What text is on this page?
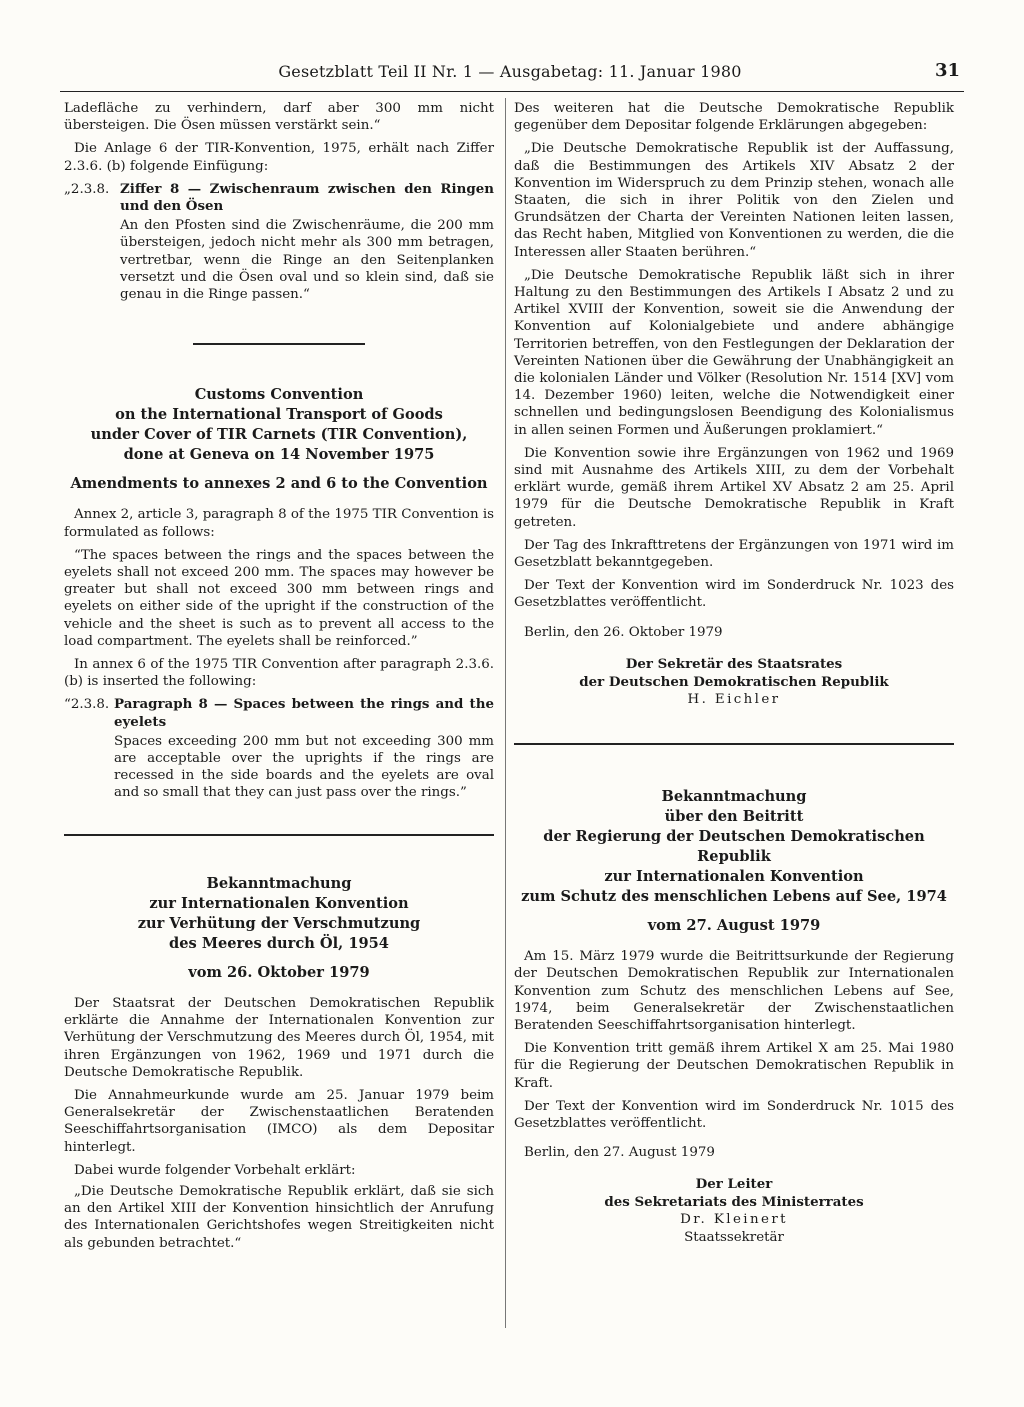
Gesetzblatt Teil II Nr. 1 — Ausgabetag: 11. Januar 1980	31

Ladefläche zu verhindern, darf aber 300 mm nicht übersteigen. Die Ösen müssen verstärkt sein.“

Die Anlage 6 der TIR-Konvention, 1975, erhält nach Ziffer 2.3.6. (b) folgende Einfügung:

„2.3.8. Ziffer 8 — Zwischenraum zwischen den Ringen und den Ösen

An den Pfosten sind die Zwischenräume, die 200 mm übersteigen, jedoch nicht mehr als 300 mm betragen, vertretbar, wenn die Ringe an den Seitenplanken versetzt und die Ösen oval und so klein sind, daß sie genau in die Ringe passen.“

Customs Convention
on the International Transport of Goods
under Cover of TIR Carnets (TIR Convention),
done at Geneva on 14 November 1975
Amendments to annexes 2 and 6 to the Convention

Annex 2, article 3, paragraph 8 of the 1975 TIR Convention is formulated as follows:

“The spaces between the rings and the spaces between the eyelets shall not exceed 200 mm. The spaces may however be greater but shall not exceed 300 mm between rings and eyelets on either side of the upright if the construction of the vehicle and the sheet is such as to prevent all access to the load compartment. The eyelets shall be reinforced.”

In annex 6 of the 1975 TIR Convention after paragraph 2.3.6. (b) is inserted the following:

“2.3.8. Paragraph 8 — Spaces between the rings and the eyelets

Spaces exceeding 200 mm but not exceeding 300 mm are acceptable over the uprights if the rings are recessed in the side boards and the eyelets are oval and so small that they can just pass over the rings.”

Bekanntmachung
zur Internationalen Konvention
zur Verhütung der Verschmutzung
des Meeres durch Öl, 1954
vom 26. Oktober 1979

Der Staatsrat der Deutschen Demokratischen Republik erklärte die Annahme der Internationalen Konvention zur Verhütung der Verschmutzung des Meeres durch Öl, 1954, mit ihren Ergänzungen von 1962, 1969 und 1971 durch die Deutsche Demokratische Republik.

Die Annahmeurkunde wurde am 25. Januar 1979 beim Generalsekretär der Zwischenstaatlichen Beratenden Seeschiffahrtsorganisation (IMCO) als dem Depositar hinterlegt.

Dabei wurde folgender Vorbehalt erklärt:

„Die Deutsche Demokratische Republik erklärt, daß sie sich an den Artikel XIII der Konvention hinsichtlich der Anrufung des Internationalen Gerichtshofes wegen Streitigkeiten nicht als gebunden betrachtet.“

Des weiteren hat die Deutsche Demokratische Republik gegenüber dem Depositar folgende Erklärungen abgegeben:

„Die Deutsche Demokratische Republik ist der Auffassung, daß die Bestimmungen des Artikels XIV Absatz 2 der Konvention im Widerspruch zu dem Prinzip stehen, wonach alle Staaten, die sich in ihrer Politik von den Zielen und Grundsätzen der Charta der Vereinten Nationen leiten lassen, das Recht haben, Mitglied von Konventionen zu werden, die die Interessen aller Staaten berühren.“

„Die Deutsche Demokratische Republik läßt sich in ihrer Haltung zu den Bestimmungen des Artikels I Absatz 2 und zu Artikel XVIII der Konvention, soweit sie die Anwendung der Konvention auf Kolonialgebiete und andere abhängige Territorien betreffen, von den Festlegungen der Deklaration der Vereinten Nationen über die Gewährung der Unabhängigkeit an die kolonialen Länder und Völker (Resolution Nr. 1514 [XV] vom 14. Dezember 1960) leiten, welche die Notwendigkeit einer schnellen und bedingungslosen Beendigung des Kolonialismus in allen seinen Formen und Äußerungen proklamiert.“

Die Konvention sowie ihre Ergänzungen von 1962 und 1969 sind mit Ausnahme des Artikels XIII, zu dem der Vorbehalt erklärt wurde, gemäß ihrem Artikel XV Absatz 2 am 25. April 1979 für die Deutsche Demokratische Republik in Kraft getreten.

Der Tag des Inkrafttretens der Ergänzungen von 1971 wird im Gesetzblatt bekanntgegeben.

Der Text der Konvention wird im Sonderdruck Nr. 1023 des Gesetzblattes veröffentlicht.

Berlin, den 26. Oktober 1979

Der Sekretär des Staatsrates
der Deutschen Demokratischen Republik
H. Eichler
Bekanntmachung
über den Beitritt
der Regierung der Deutschen Demokratischen Republik
zur Internationalen Konvention
zum Schutz des menschlichen Lebens auf See, 1974
vom 27. August 1979

Am 15. März 1979 wurde die Beitrittsurkunde der Regierung der Deutschen Demokratischen Republik zur Internationalen Konvention zum Schutz des menschlichen Lebens auf See, 1974, beim Generalsekretär der Zwischenstaatlichen Beratenden Seeschiffahrtsorganisation hinterlegt.

Die Konvention tritt gemäß ihrem Artikel X am 25. Mai 1980 für die Regierung der Deutschen Demokratischen Republik in Kraft.

Der Text der Konvention wird im Sonderdruck Nr. 1015 des Gesetzblattes veröffentlicht.

Berlin, den 27. August 1979

Der Leiter
des Sekretariats des Ministerrates
Dr. Kleinert
Staatssekretär
